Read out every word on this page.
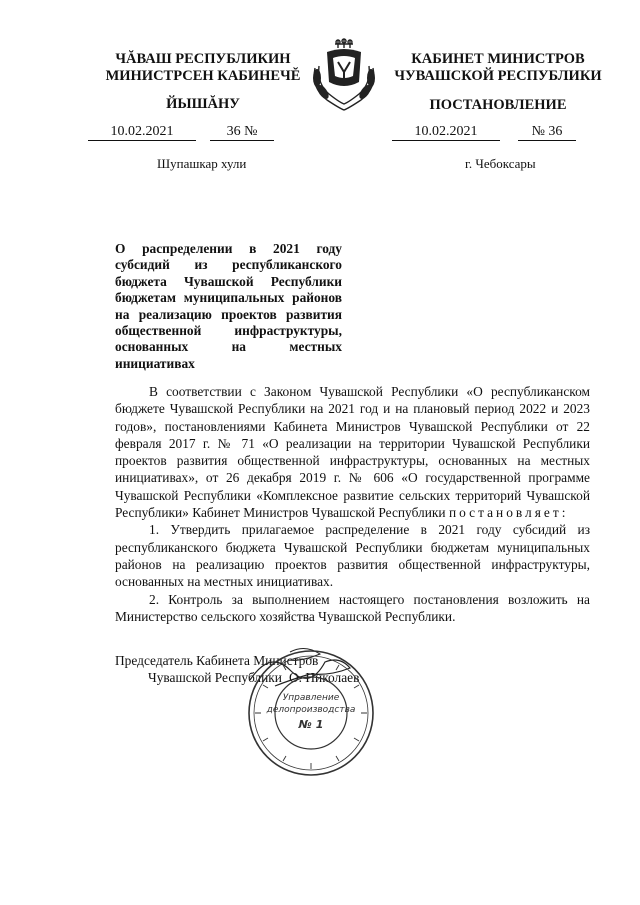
ЧĂВАШ РЕСПУБЛИКИН
МИНИСТРСЕН КАБИНЕЧĔ
КАБИНЕТ МИНИСТРОВ
ЧУВАШСКОЙ РЕСПУБЛИКИ
ЙЫШĂНУ	ПОСТАНОВЛЕНИЕ
10.02.2021	36 №	10.02.2021	№ 36
Шупашкар хули	г. Чебоксары
О распределении в 2021 году субсидий из республиканского бюджета Чувашской Республики бюджетам муниципальных районов на реализацию проектов развития общественной инфраструктуры, основанных на местных инициативах

В соответствии с Законом Чувашской Республики «О республиканском бюджете Чувашской Республики на 2021 год и на плановый период 2022 и 2023 годов», постановлениями Кабинета Министров Чувашской Республики от 22 февраля 2017 г. № 71 «О реализации на территории Чувашской Республики проектов развития общественной инфраструктуры, основанных на местных инициативах», от 26 декабря 2019 г. № 606 «О государственной программе Чувашской Республики «Комплексное развитие сельских территорий Чувашской Республики» Кабинет Министров Чувашской Республики постановляет:

1. Утвердить прилагаемое распределение в 2021 году субсидий из республиканского бюджета Чувашской Республики бюджетам муниципальных районов на реализацию проектов развития общественной инфраструктуры, основанных на местных инициативах.

2. Контроль за выполнением настоящего постановления возложить на Министерство сельского хозяйства Чувашской Республики.

Председатель Кабинета Министров
Чувашской Республики О. Николаев
Управление
делопроизводства
№ 1
